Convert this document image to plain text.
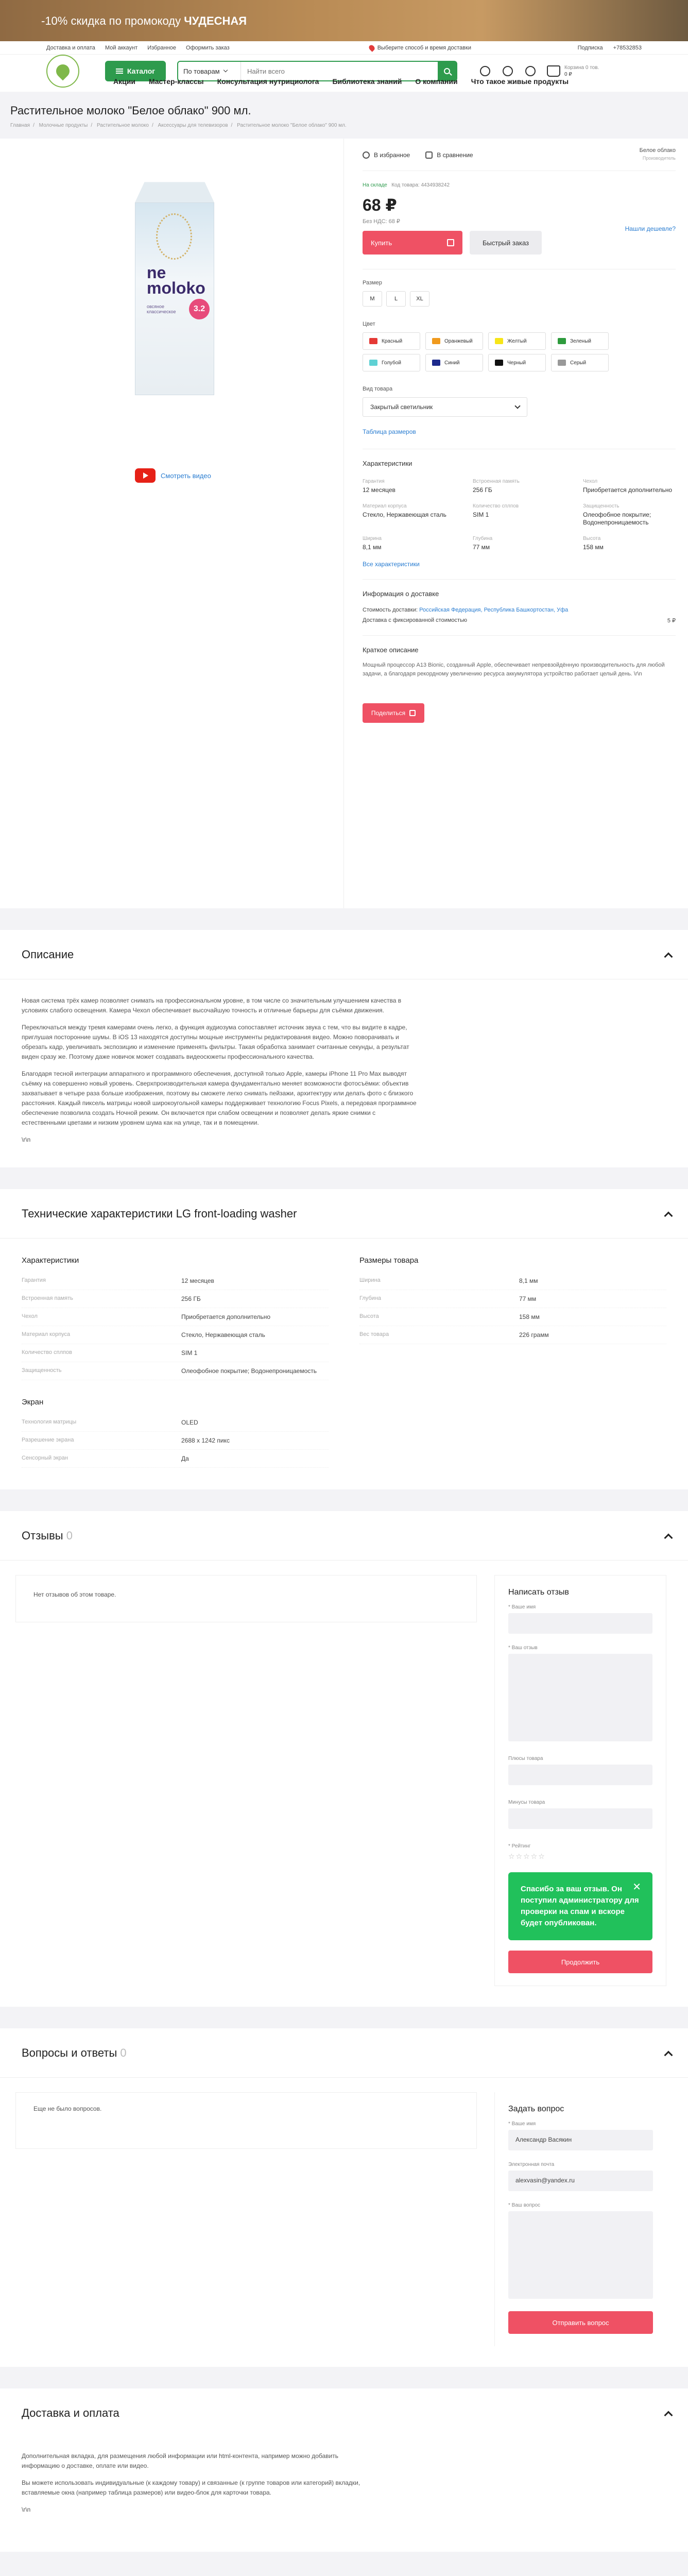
-10% скидка по промокоду ЧУДЕСНАЯ
Доставка и оплата Мой аккаунт Избранное Оформить заказ	Выберите способ и время доставки	Подписка +78532853
Каталог	По товарам
Найти всего	Корзина 0 тов.
0 ₽
Акции Мастер-классы Консультация нутрициолога Библиотека знаний О компании Что такое живые продукты
Растительное молоко "Белое облако" 900 мл.
Главная / Молочные продукты / Растительное молоко / Аксессуары для телевизоров / Растительное молоко "Белое облако" 900 мл.
ne moloko
овсяное классическое	3.2
Смотреть видео
В избранное	В сравнение
Белое облако
Производитель
На складе Код товара: 4434938242
68 ₽
Без НДС: 68 ₽
Нашли дешевле?
Купить	Быстрый заказ
Размер
M	L	XL
Цвет
Красный	Оранжевый	Желтый	Зеленый
Голубой	Синий	Черный	Серый
Вид товара
Закрытый светильник
Таблица размеров
Характеристики
Гарантия
12 месяцев
Встроенная память
256 ГБ
Чехол
Приобретается дополнительно
Материал корпуса
Стекло, Нержавеющая сталь
Количество сплпов
SIM 1
Защищенность
Олеофобное покрытие; Водонепроницаемость
Ширина
8,1 мм
Глубина
77 мм
Высота
158 мм
Все характеристики
Информация о доставке
Стоимость доставки: Российская Федерация, Республика Башкортостан, Уфа
Доставка с фиксированной стоимостью	5 ₽
Краткое описание
Мощный процессор A13 Bionic, созданный Apple, обеспечивает непревзойдённую производительность для любой задачи, а благодаря рекордному увеличению ресурса аккумулятора устройство работает целый день. \r\n
Поделиться
Описание

Новая система трёх камер позволяет снимать на профессиональном уровне, в том числе со значительным улучшением качества в условиях слабого освещения. Камера Чехол обеспечивает высочайшую точность и отличные барьеры для съёмки движения.

Переключаться между тремя камерами очень легко, а функция аудиозума сопоставляет источник звука с тем, что вы видите в кадре, приглушая посторонние шумы. В iOS 13 находятся доступны мощные инструменты редактирования видео. Можно поворачивать и обрезать кадр, увеличивать экспозицию и изменение применять фильтры. Такая обработка занимает считанные секунды, а результат виден сразу же. Поэтому даже новичок может создавать видеосюжеты профессионального качества.

Благодаря тесной интеграции аппаратного и программного обеспечения, доступной только Apple, камеры iPhone 11 Pro Max выводят съёмку на совершенно новый уровень. Сверхпроизводительная камера фундаментально меняет возможности фотосъёмки: объектив захватывает в четыре раза больше изображения, поэтому вы сможете легко снимать пейзажи, архитектуру или делать фото с близкого расстояния. Каждый пиксель матрицы новой широкоугольной камеры поддерживает технологию Focus Pixels, а передовая программное обеспечение позволила создать Ночной режим. Он включается при слабом освещении и позволяет делать яркие снимки с естественными цветами и низким уровнем шума как на улице, так и в помещении.

\r\n

Технические характеристики LG front-loading washer
Характеристики
Гарантия	12 месяцев
Встроенная память	256 ГБ
Чехол	Приобретается дополнительно
Материал корпуса	Стекло, Нержавеющая сталь
Количество сплпов	SIM 1
Защищенность	Олеофобное покрытие; Водонепроницаемость
Экран
Технология матрицы	OLED
Разрешение экрана	2688 x 1242 пикс
Сенсорный экран	Да
Размеры товара
Ширина	8,1 мм
Глубина	77 мм
Высота	158 мм
Вес товара	226 грамм
Отзывы 0
Нет отзывов об этом товаре.	Написать отзыв
* Ваше имя
* Ваш отзыв
Плюсы товара
Минусы товара
* Рейтинг
☆☆☆☆☆
Спасибо за ваш отзыв. Он поступил администратору для проверки на спам и вскоре будет опубликован.
✕
Продолжить
Вопросы и ответы 0
Еще не было вопросов.	Задать вопрос
* Ваше имя
Александр Васякин
Электронная почта
alexvasin@yandex.ru
* Ваш вопрос
Отправить вопрос
Доставка и оплата

Дополнительная вкладка, для размещения любой информации или html-контента, например можно добавить информацию о доставке, оплате или видео.

Вы можете использовать индивидуальные (к каждому товару) и связанные (к группе товаров или категорий) вкладки, вставляемые окна (например таблица размеров) или видео-блок для карточки товара.

\r\n
